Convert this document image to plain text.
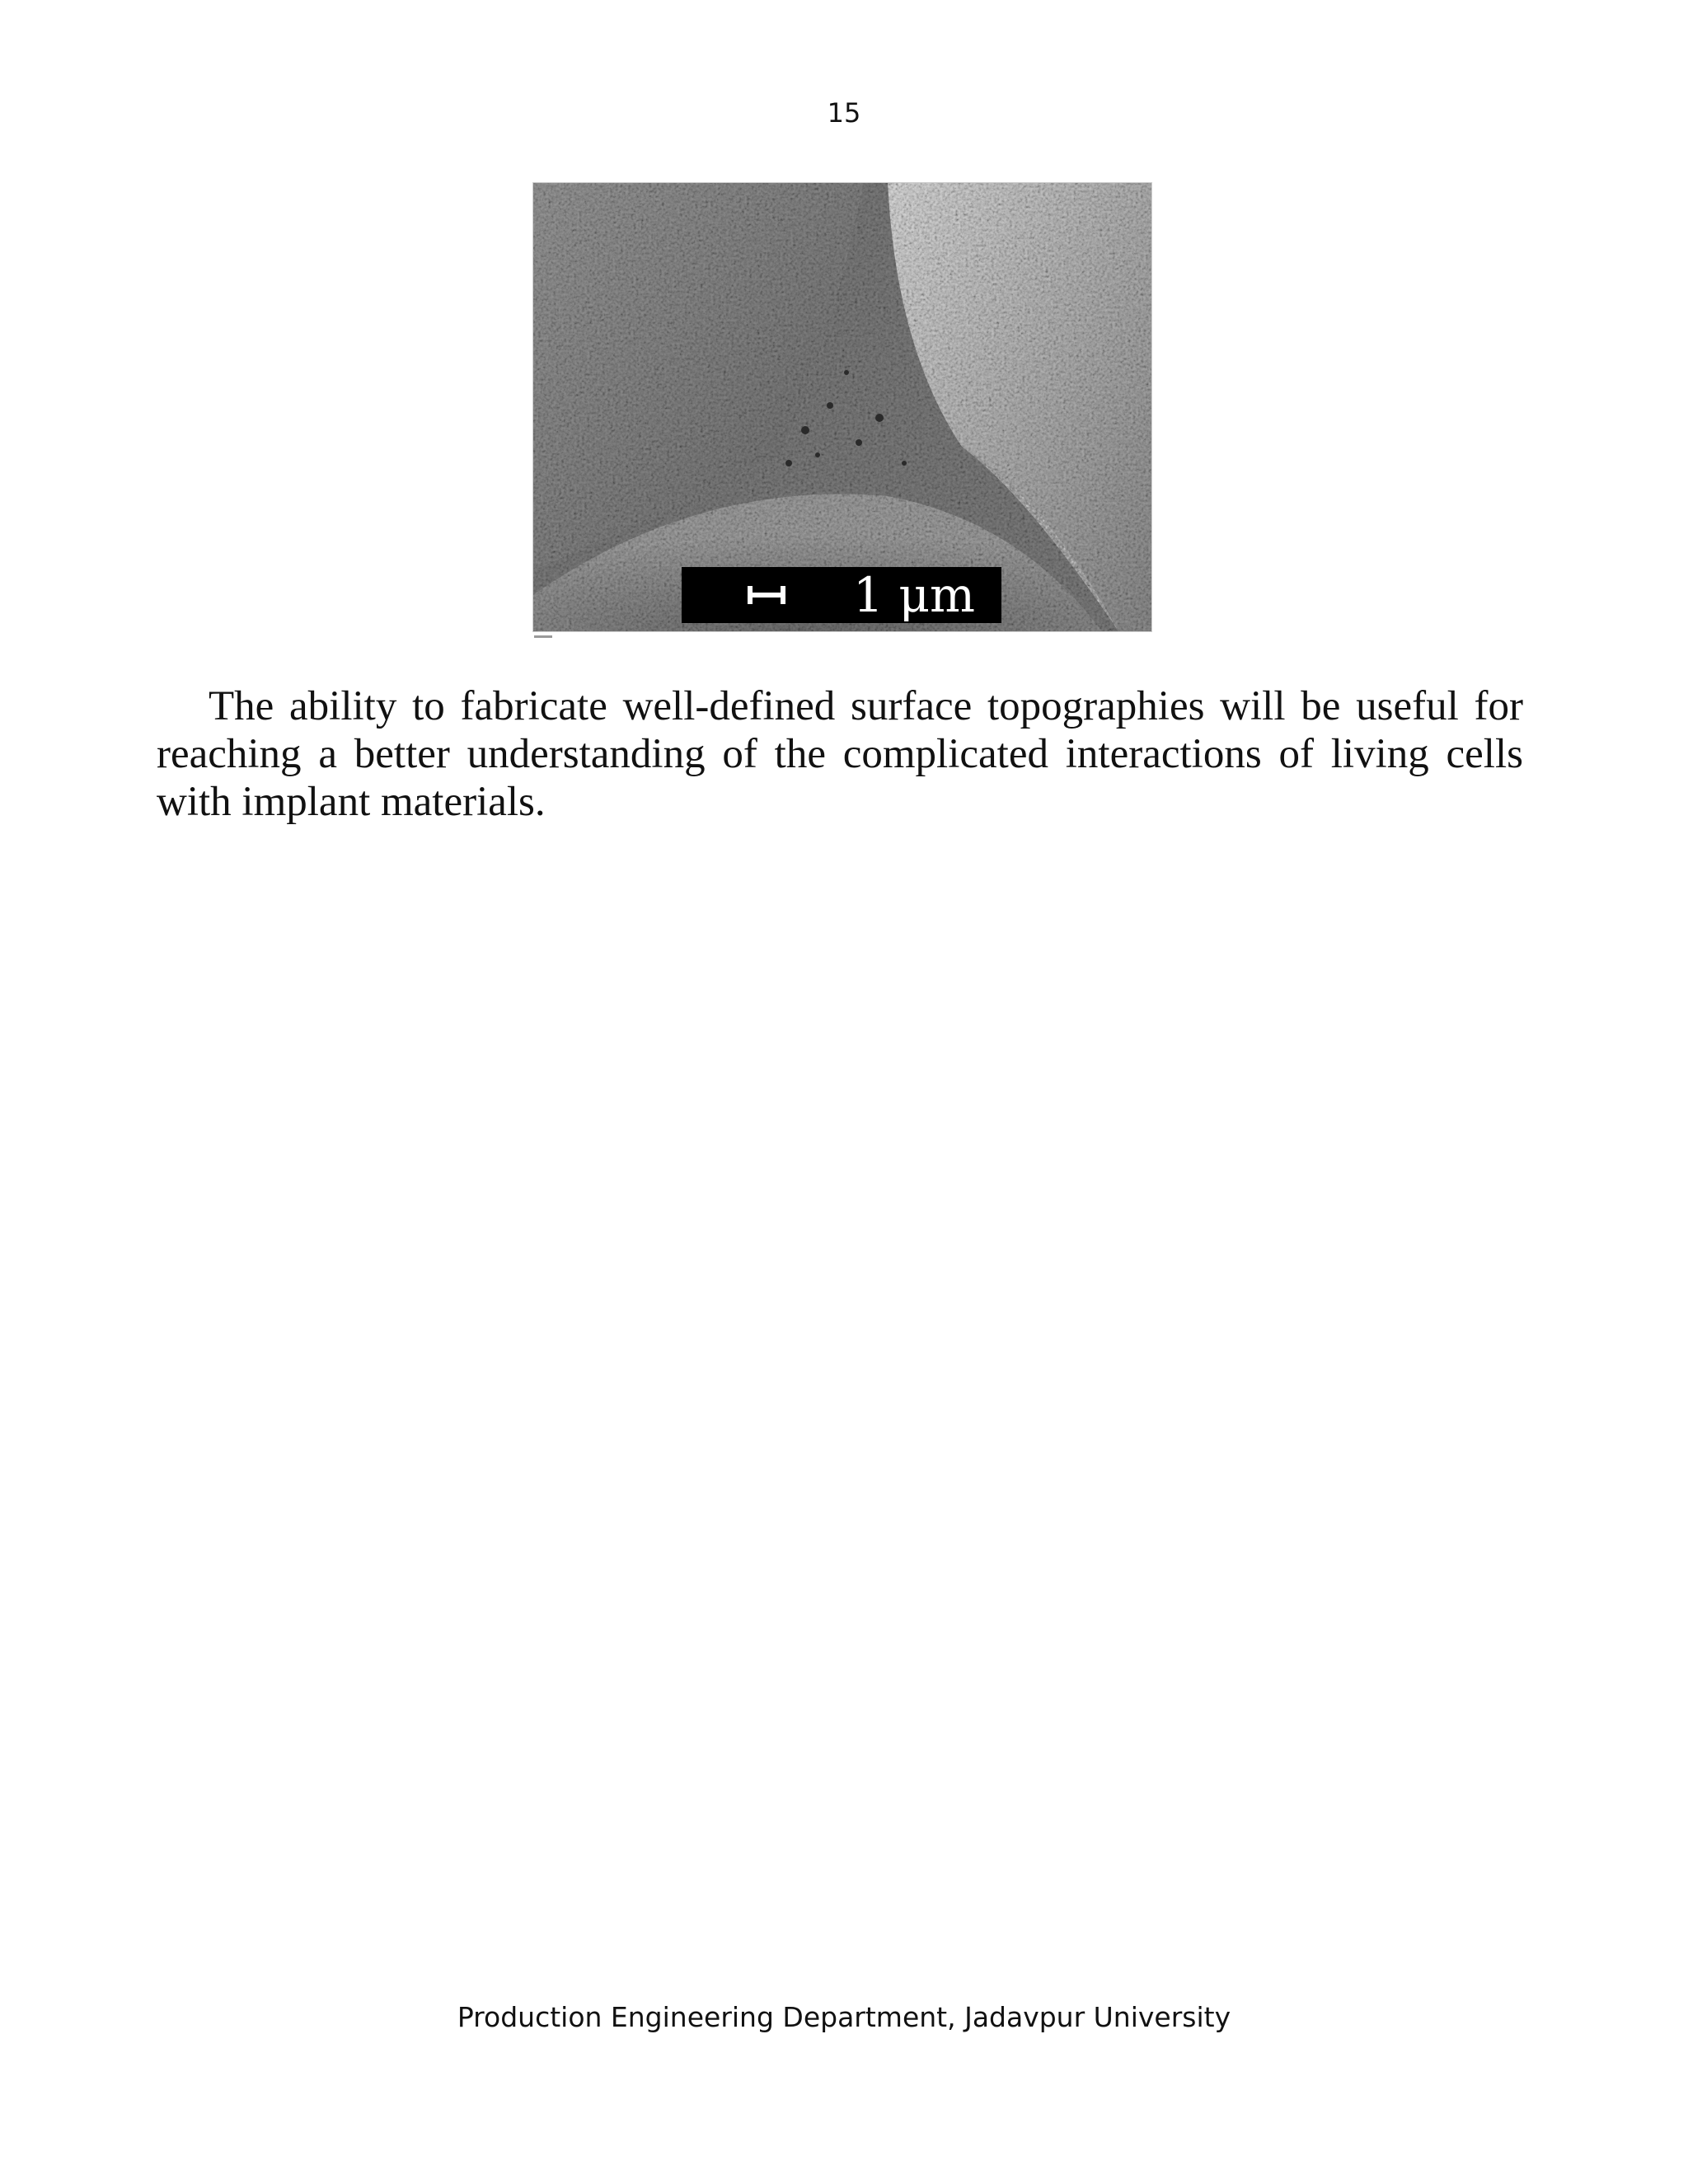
15
1 μm

The ability to fabricate well-defined surface topographies will be useful for reaching a better understanding of the complicated interactions of living cells with implant materials.

Production Engineering Department, Jadavpur University
